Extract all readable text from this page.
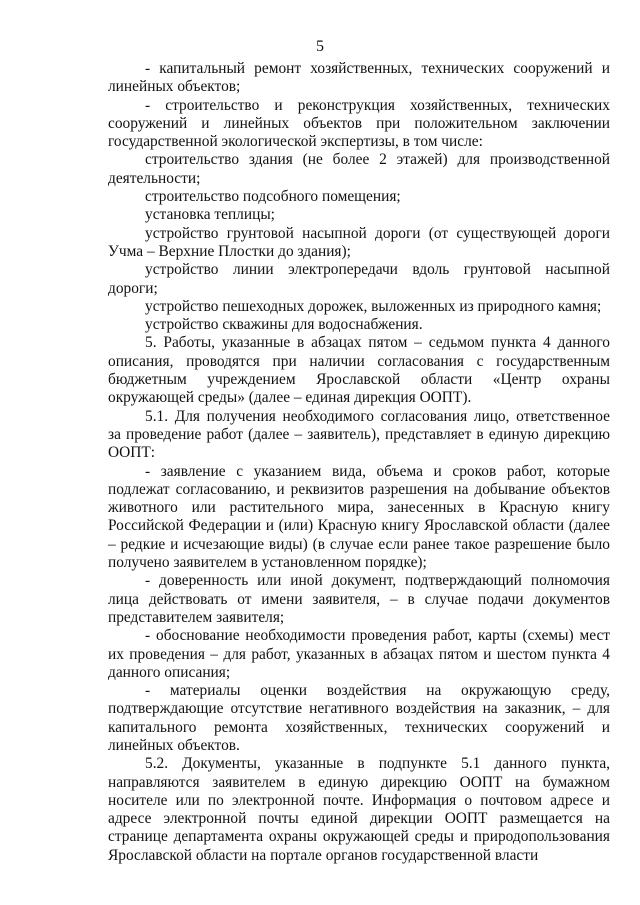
5

- капитальный ремонт хозяйственных, технических сооружений и линейных объектов;

- строительство и реконструкция хозяйственных, технических сооружений и линейных объектов при положительном заключении государственной экологической экспертизы, в том числе:

строительство здания (не более 2 этажей) для производственной деятельности;

строительство подсобного помещения;

установка теплицы;

устройство грунтовой насыпной дороги (от существующей дороги Учма – Верхние Плостки до здания);

устройство линии электропередачи вдоль грунтовой насыпной дороги;

устройство пешеходных дорожек, выложенных из природного камня;

устройство скважины для водоснабжения.

5. Работы, указанные в абзацах пятом – седьмом пункта 4 данного описания, проводятся при наличии согласования с государственным бюджетным учреждением Ярославской области «Центр охраны окружающей среды» (далее – единая дирекция ООПТ).

5.1. Для получения необходимого согласования лицо, ответственное за проведение работ (далее – заявитель), представляет в единую дирекцию ООПТ:

- заявление с указанием вида, объема и сроков работ, которые подлежат согласованию, и реквизитов разрешения на добывание объектов животного или растительного мира, занесенных в Красную книгу Российской Федерации и (или) Красную книгу Ярославской области (далее – редкие и исчезающие виды) (в случае если ранее такое разрешение было получено заявителем в установленном порядке);

- доверенность или иной документ, подтверждающий полномочия лица действовать от имени заявителя, – в случае подачи документов представителем заявителя;

- обоснование необходимости проведения работ, карты (схемы) мест их проведения – для работ, указанных в абзацах пятом и шестом пункта 4 данного описания;

- материалы оценки воздействия на окружающую среду, подтверждающие отсутствие негативного воздействия на заказник, – для капитального ремонта хозяйственных, технических сооружений и линейных объектов.

5.2. Документы, указанные в подпункте 5.1 данного пункта, направляются заявителем в единую дирекцию ООПТ на бумажном носителе или по электронной почте. Информация о почтовом адресе и адресе электронной почты единой дирекции ООПТ размещается на странице департамента охраны окружающей среды и природопользования Ярославской области на портале органов государственной власти
